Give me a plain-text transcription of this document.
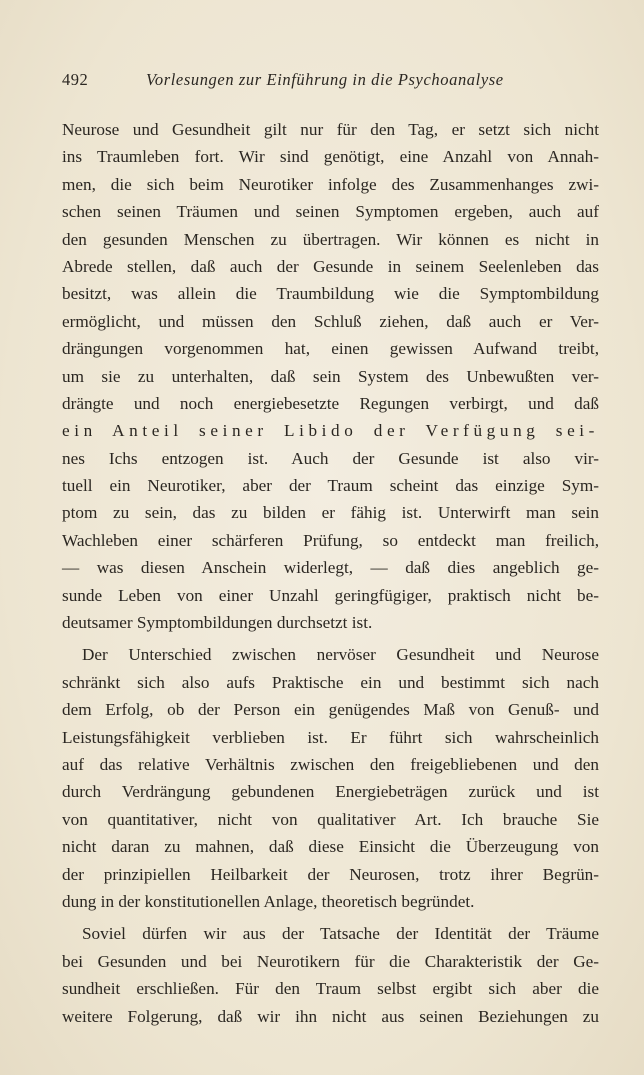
492	Vorlesungen zur Einführung in die Psychoanalyse
Neurose und Gesundheit gilt nur für den Tag, er setzt sich nicht
ins Traumleben fort. Wir sind genötigt, eine Anzahl von Annah-
men, die sich beim Neurotiker infolge des Zusammenhanges zwi-
schen seinen Träumen und seinen Symptomen ergeben, auch auf
den gesunden Menschen zu übertragen. Wir können es nicht in
Abrede stellen, daß auch der Gesunde in seinem Seelenleben das
besitzt, was allein die Traumbildung wie die Symptombildung
ermöglicht, und müssen den Schluß ziehen, daß auch er Ver-
drängungen vorgenommen hat, einen gewissen Aufwand treibt,
um sie zu unterhalten, daß sein System des Unbewußten ver-
drängte und noch energiebesetzte Regungen verbirgt, und daß
ein Anteil seiner Libido der Verfügung sei-
nes Ichs entzogen ist. Auch der Gesunde ist also vir-
tuell ein Neurotiker, aber der Traum scheint das einzige Sym-
ptom zu sein, das zu bilden er fähig ist. Unterwirft man sein
Wachleben einer schärferen Prüfung, so entdeckt man freilich,
— was diesen Anschein widerlegt, — daß dies angeblich ge-
sunde Leben von einer Unzahl geringfügiger, praktisch nicht be-
deutsamer Symptombildungen durchsetzt ist.
Der Unterschied zwischen nervöser Gesundheit und Neurose
schränkt sich also aufs Praktische ein und bestimmt sich nach
dem Erfolg, ob der Person ein genügendes Maß von Genuß- und
Leistungsfähigkeit verblieben ist. Er führt sich wahrscheinlich
auf das relative Verhältnis zwischen den freigebliebenen und den
durch Verdrängung gebundenen Energiebeträgen zurück und ist
von quantitativer, nicht von qualitativer Art. Ich brauche Sie
nicht daran zu mahnen, daß diese Einsicht die Überzeugung von
der prinzipiellen Heilbarkeit der Neurosen, trotz ihrer Begrün-
dung in der konstitutionellen Anlage, theoretisch begründet.
Soviel dürfen wir aus der Tatsache der Identität der Träume
bei Gesunden und bei Neurotikern für die Charakteristik der Ge-
sundheit erschließen. Für den Traum selbst ergibt sich aber die
weitere Folgerung, daß wir ihn nicht aus seinen Beziehungen zu
